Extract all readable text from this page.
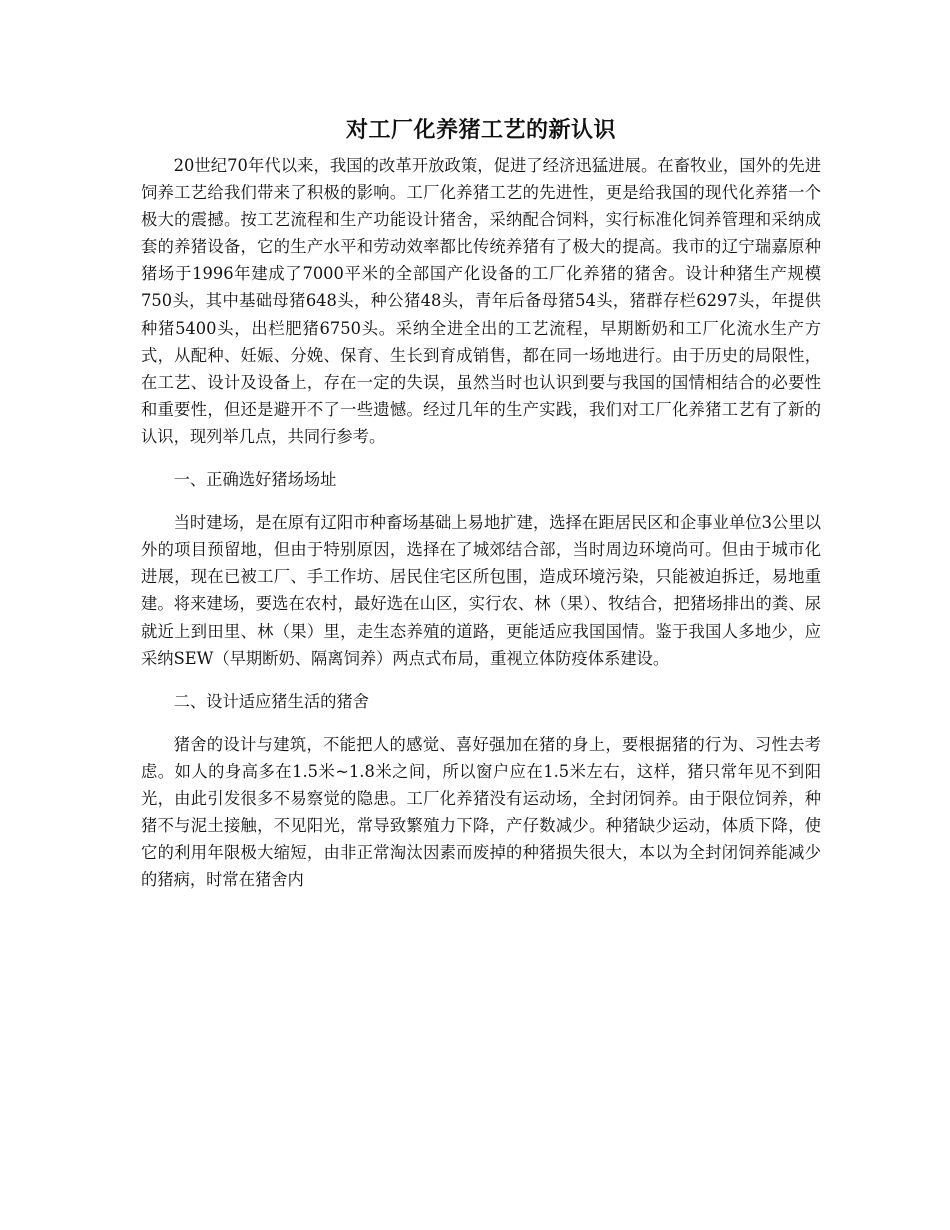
对工厂化养猪工艺的新认识

20世纪70年代以来，我国的改革开放政策，促进了经济迅猛进展。在畜牧业，国外的先进饲养工艺给我们带来了积极的影响。工厂化养猪工艺的先进性，更是给我国的现代化养猪一个极大的震撼。按工艺流程和生产功能设计猪舍，采纳配合饲料，实行标准化饲养管理和采纳成套的养猪设备，它的生产水平和劳动效率都比传统养猪有了极大的提高。我市的辽宁瑞嘉原种猪场于1996年建成了7000平米的全部国产化设备的工厂化养猪的猪舍。设计种猪生产规模750头，其中基础母猪648头，种公猪48头，青年后备母猪54头，猪群存栏6297头，年提供种猪5400头，出栏肥猪6750头。采纳全进全出的工艺流程，早期断奶和工厂化流水生产方式，从配种、妊娠、分娩、保育、生长到育成销售，都在同一场地进行。由于历史的局限性，在工艺、设计及设备上，存在一定的失误，虽然当时也认识到要与我国的国情相结合的必要性和重要性，但还是避开不了一些遗憾。经过几年的生产实践，我们对工厂化养猪工艺有了新的认识，现列举几点，共同行参考。

一、正确选好猪场场址

当时建场，是在原有辽阳市种畜场基础上易地扩建，选择在距居民区和企事业单位3公里以外的项目预留地，但由于特别原因，选择在了城郊结合部，当时周边环境尚可。但由于城市化进展，现在已被工厂、手工作坊、居民住宅区所包围，造成环境污染，只能被迫拆迁，易地重建。将来建场，要选在农村，最好选在山区，实行农、林（果）、牧结合，把猪场排出的粪、尿就近上到田里、林（果）里，走生态养殖的道路，更能适应我国国情。鉴于我国人多地少，应采纳SEW（早期断奶、隔离饲养）两点式布局，重视立体防疫体系建设。

二、设计适应猪生活的猪舍

猪舍的设计与建筑，不能把人的感觉、喜好强加在猪的身上，要根据猪的行为、习性去考虑。如人的身高多在1.5米~1.8米之间，所以窗户应在1.5米左右，这样，猪只常年见不到阳光，由此引发很多不易察觉的隐患。工厂化养猪没有运动场，全封闭饲养。由于限位饲养，种猪不与泥土接触，不见阳光，常导致繁殖力下降，产仔数减少。种猪缺少运动，体质下降，使它的利用年限极大缩短，由非正常淘汰因素而废掉的种猪损失很大，本以为全封闭饲养能减少的猪病，时常在猪舍内
